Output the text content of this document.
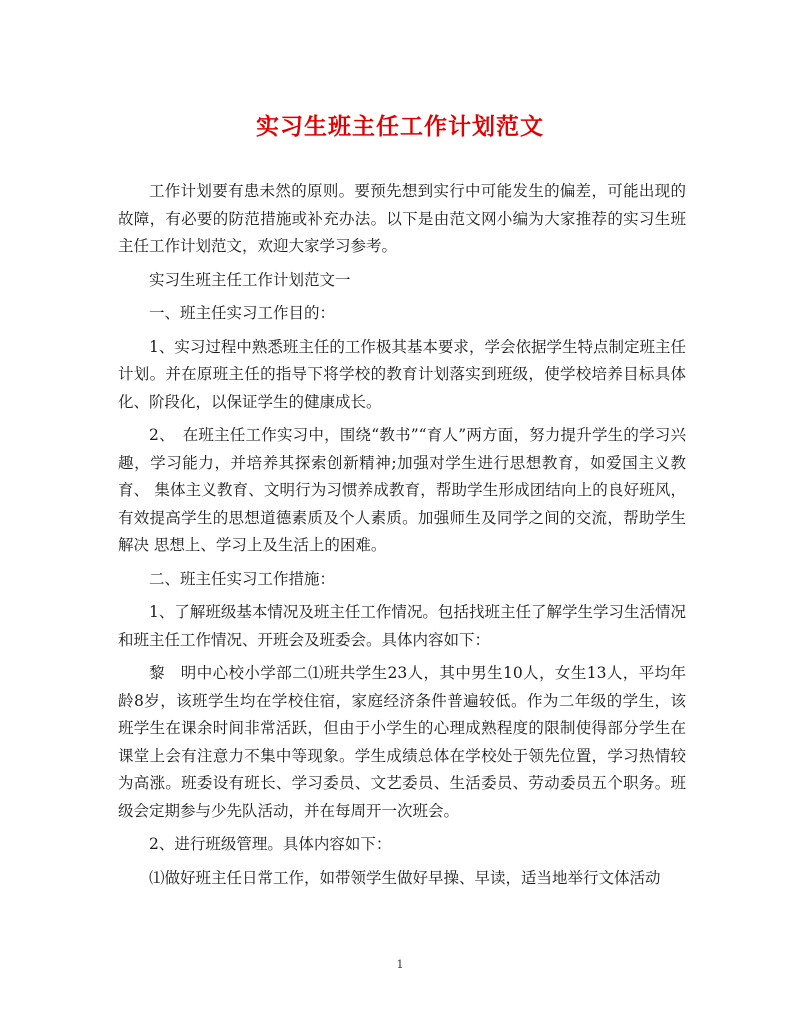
实习生班主任工作计划范文

工作计划要有患未然的原则。要预先想到实行中可能发生的偏差，可能出现的故障，有必要的防范措施或补充办法。以下是由范文网小编为大家推荐的实习生班主任工作计划范文，欢迎大家学习参考。

实习生班主任工作计划范文一

一、班主任实习工作目的：

1、实习过程中熟悉班主任的工作极其基本要求，学会依据学生特点制定班主任计划。并在原班主任的指导下将学校的教育计划落实到班级，使学校培养目标具体化、阶段化，以保证学生的健康成长。

2、　在班主任工作实习中，围绕“教书”“育人”两方面，努力提升学生的学习兴趣，学习能力，并培养其探索创新精神;加强对学生进行思想教育，如爱国主义教育、 集体主义教育、文明行为习惯养成教育，帮助学生形成团结向上的良好班风，有效提高学生的思想道德素质及个人素质。加强师生及同学之间的交流，帮助学生解决 思想上、学习上及生活上的困难。

二、班主任实习工作措施：

1、了解班级基本情况及班主任工作情况。包括找班主任了解学生学习生活情况和班主任工作情况、开班会及班委会。具体内容如下：

黎　明中心校小学部二⑴班共学生23人，其中男生10人，女生13人，平均年龄8岁，该班学生均在学校住宿，家庭经济条件普遍较低。作为二年级的学生，该 班学生在课余时间非常活跃，但由于小学生的心理成熟程度的限制使得部分学生在课堂上会有注意力不集中等现象。学生成绩总体在学校处于领先位置，学习热情较 为高涨。班委设有班长、学习委员、文艺委员、生活委员、劳动委员五个职务。班级会定期参与少先队活动，并在每周开一次班会。

2、进行班级管理。具体内容如下：

⑴做好班主任日常工作，如带领学生做好早操、早读，适当地举行文体活动

1
